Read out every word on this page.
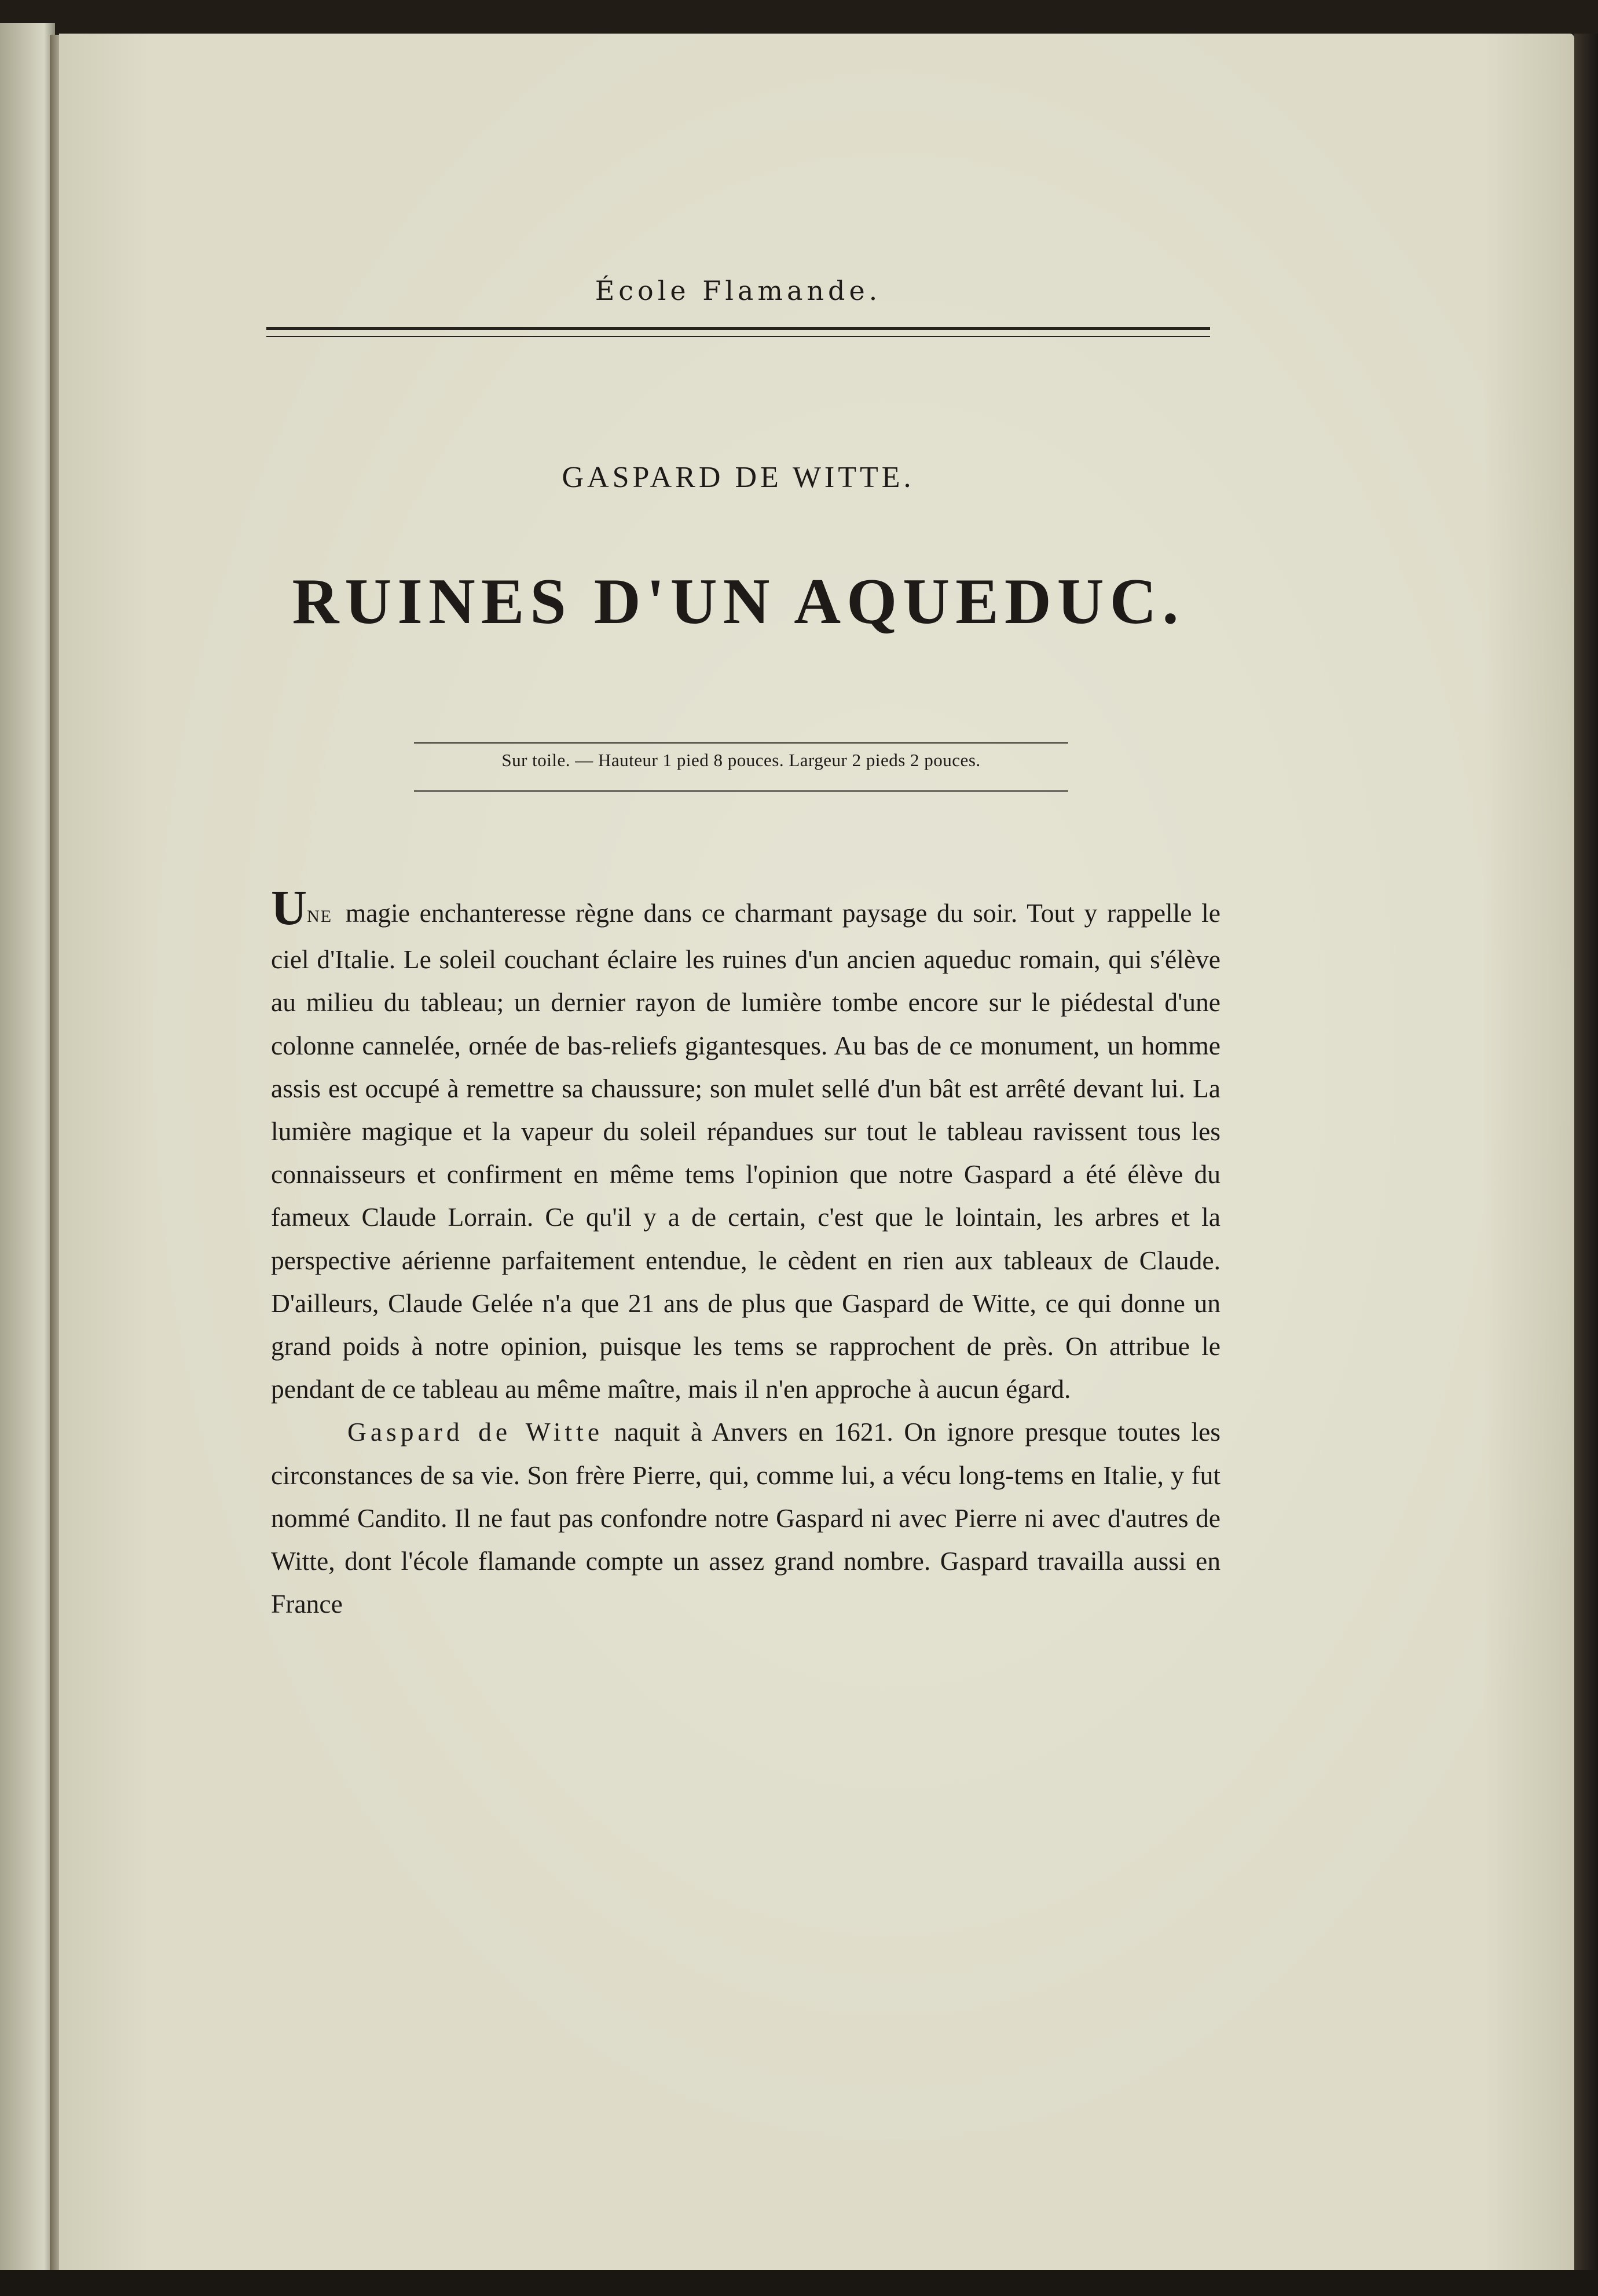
École Flamande.
GASPARD DE WITTE.
RUINES D'UN AQUEDUC.
Sur toile. — Hauteur 1 pied 8 pouces. Largeur 2 pieds 2 pouces.

UNE magie enchanteresse règne dans ce charmant paysage du soir. Tout y rappelle le ciel d'Italie. Le soleil couchant éclaire les ruines d'un ancien aqueduc romain, qui s'élève au milieu du tableau; un dernier rayon de lumière tombe encore sur le piédestal d'une colonne cannelée, ornée de bas-reliefs gigantesques. Au bas de ce monument, un homme assis est occupé à remettre sa chaussure; son mulet sellé d'un bât est arrêté devant lui. La lumière magique et la vapeur du soleil répandues sur tout le tableau ravissent tous les connaisseurs et confirment en même tems l'opinion que notre Gaspard a été élève du fameux Claude Lorrain. Ce qu'il y a de certain, c'est que le lointain, les arbres et la perspective aérienne parfaitement entendue, le cèdent en rien aux tableaux de Claude. D'ailleurs, Claude Gelée n'a que 21 ans de plus que Gaspard de Witte, ce qui donne un grand poids à notre opinion, puisque les tems se rapprochent de près. On attribue le pendant de ce tableau au même maître, mais il n'en approche à aucun égard.

Gaspard de Witte naquit à Anvers en 1621. On ignore presque toutes les circonstances de sa vie. Son frère Pierre, qui, comme lui, a vécu long-tems en Italie, y fut nommé Candito. Il ne faut pas confondre notre Gaspard ni avec Pierre ni avec d'autres de Witte, dont l'école flamande compte un assez grand nombre. Gaspard travailla aussi en France
